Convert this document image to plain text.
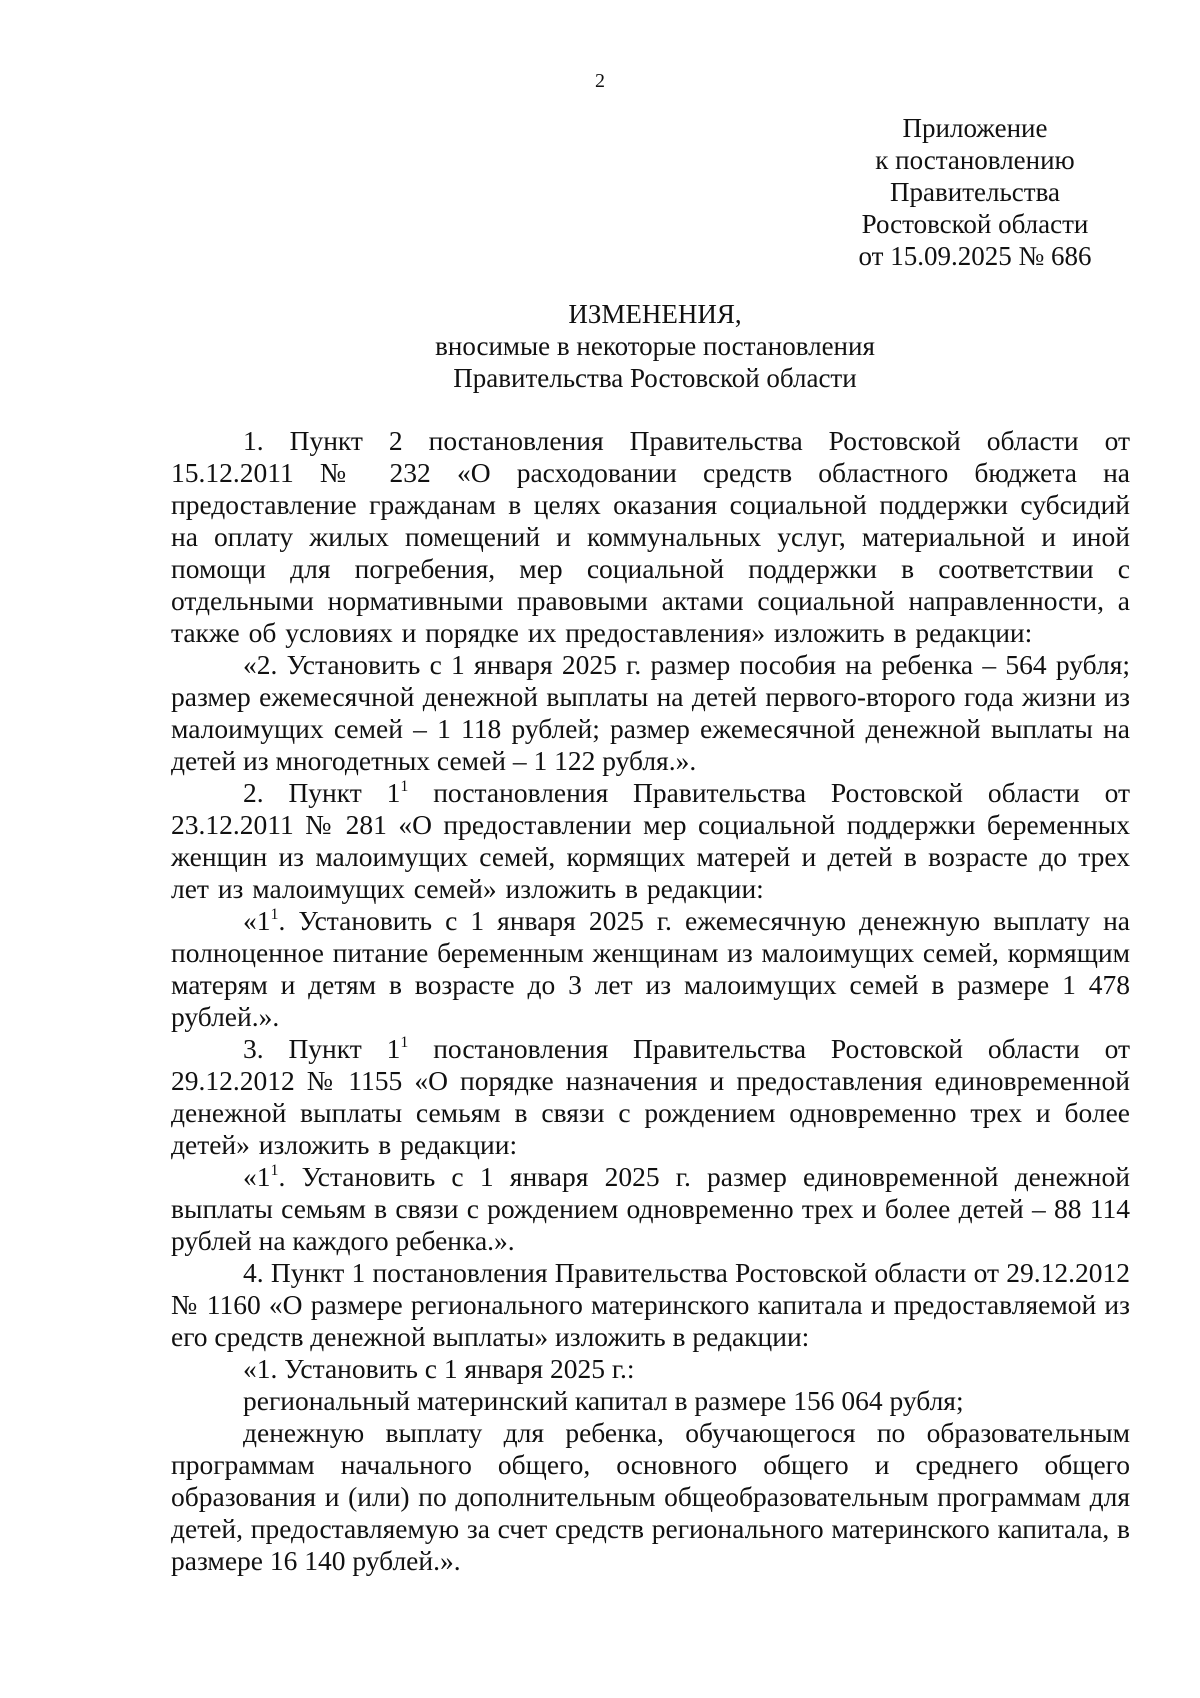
2
Приложение
к постановлению
Правительства
Ростовской области
от 15.09.2025 № 686
ИЗМЕНЕНИЯ,
вносимые в некоторые постановления
Правительства Ростовской области

1. Пункт 2 постановления Правительства Ростовской области от 15.12.2011 № 232 «О расходовании средств областного бюджета на предоставление гражданам в целях оказания социальной поддержки субсидий на оплату жилых помещений и коммунальных услуг, материальной и иной помощи для погребения, мер социальной поддержки в соответствии с отдельными нормативными правовыми актами социальной направленности, а также об условиях и порядке их предоставления» изложить в редакции:

«2. Установить с 1 января 2025 г. размер пособия на ребенка – 564 рубля; размер ежемесячной денежной выплаты на детей первого-второго года жизни из малоимущих семей – 1 118 рублей; размер ежемесячной денежной выплаты на детей из многодетных семей – 1 122 рубля.».

2. Пункт $1^1$ постановления Правительства Ростовской области от 23.12.2011 № 281 «О предоставлении мер социальной поддержки беременных женщин из малоимущих семей, кормящих матерей и детей в возрасте до трех лет из малоимущих семей» изложить в редакции:

«$1^1$. Установить с 1 января 2025 г. ежемесячную денежную выплату на полноценное питание беременным женщинам из малоимущих семей, кормящим матерям и детям в возрасте до 3 лет из малоимущих семей в размере 1 478 рублей.».

3. Пункт $1^1$ постановления Правительства Ростовской области от 29.12.2012 № 1155 «О порядке назначения и предоставления единовременной денежной выплаты семьям в связи с рождением одновременно трех и более детей» изложить в редакции:

«$1^1$. Установить с 1 января 2025 г. размер единовременной денежной выплаты семьям в связи с рождением одновременно трех и более детей – 88 114 рублей на каждого ребенка.».

4. Пункт 1 постановления Правительства Ростовской области от 29.12.2012 № 1160 «О размере регионального материнского капитала и предоставляемой из его средств денежной выплаты» изложить в редакции:

«1. Установить с 1 января 2025 г.:

региональный материнский капитал в размере 156 064 рубля;

денежную выплату для ребенка, обучающегося по образовательным программам начального общего, основного общего и среднего общего образования и (или) по дополнительным общеобразовательным программам для детей, предоставляемую за счет средств регионального материнского капитала, в размере 16 140 рублей.».
